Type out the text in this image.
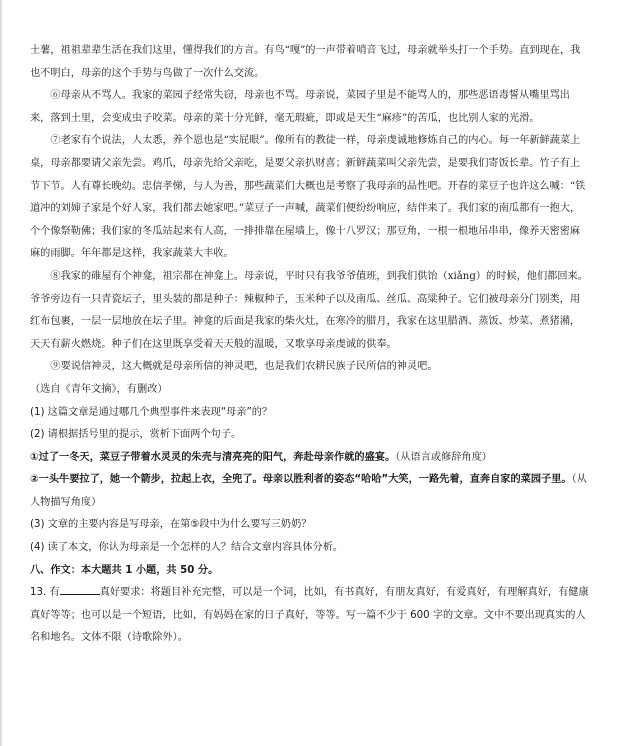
土薯，祖祖辈辈生活在我们这里，懂得我们的方言。有鸟“嘎”的一声带着哨音飞过，母亲就举头打一个手势。直到现在，我也不明白，母亲的这个手势与鸟做了一次什么交流。

⑥母亲从不骂人。我家的菜园子经常失窃，母亲也不骂。母亲说，菜园子里是不能骂人的，那些恶语毒誓从嘴里骂出来，落到土里，会变成虫子咬菜。母亲的菜十分光鲜，毫无瑕疵，即或是天生“麻疹”的苦瓜，也比别人家的光滑。

⑦老家有个说法，人太悉，养个恩也是“实屁眼”。像所有的教徒一样，母亲虔诚地修炼自己的内心。每一年新鲜蔬菜上桌，母亲都要请父亲先尝。鸡爪，母亲先给父亲吃，是要父亲扒财喜；新鲜蔬菜叫父亲先尝，是要我们寄饭长辈。竹子有上节下节。人有尊长晚幼。忠信孝悌，与人为善，那些蔬菜们大概也是考察了我母亲的品性吧。开春的菜豆子也许这么喊：“铁道冲的刘婶子家是个好人家，我们都去她家吧。”菜豆子一声喊，蔬菜们便纷纷响应，结伴来了。我们家的南瓜都有一抱大，个个像祭勒佛；我们家的冬瓜站起来有人高，一排排靠在屋墙上，像十八罗汉；那豆角，一根一根地吊串串，像养天密密麻麻的雨脚。年年都是这样，我家蔬菜大丰收。

⑧我家的碓屋有个神龛，祖宗都在神龛上。母亲说，平时只有我爷爷值班，到我们供饴（xiǎng）的时候，他们都回来。爷爷旁边有一只青瓷坛子，里头装的都是种子：辣椒种子，玉米种子以及南瓜、丝瓜、高粱种子。它们被母亲分门别类，用红布包裹，一层一层地放在坛子里。神龛的后面是我家的柴火灶，在寒冷的腊月，我家在这里腊酒、蒸饭、炒菜、煮猪潲，天天有薪火燃烧。种子们在这里既享受着天天般的温暖，又歌享母亲虔诚的供奉。

⑨要说信神灵，这大概就是母亲所信的神灵吧，也是我们农耕民族子民所信的神灵吧。

（选自《青年文摘》，有删改）

(1) 这篇文章是通过哪几个典型事件来表现“母亲”的？

(2) 请根据括号里的提示，赏析下面两个句子。

①过了一冬天，菜豆子带着水灵灵的朱壳与清亮亮的阳气，奔赴母亲作就的盛宴。（从语言或修辞角度）

②一头牛要拉了，她一个箭步，拉起上衣，全兜了。母亲以胜利者的姿态“哈哈”大笑，一路先着，直奔自家的菜园子里。（从人物描写角度）

(3) 文章的主要内容是写母亲，在第⑤段中为什么要写三奶奶？

(4) 读了本文，你认为母亲是一个怎样的人？结合文章内容具体分析。

八、作文：本大题共 1 小题，共 50 分。

13. 有	真好要求：将题目补充完整，可以是一个词，比如，有书真好，有朋友真好，有爱真好，有理解真好，有健康真好等等；也可以是一个短语，比如，有妈妈在家的日子真好，等等。写一篇不少于 600 字的文章。文中不要出现真实的人名和地名。文体不限（诗歌除外）。
